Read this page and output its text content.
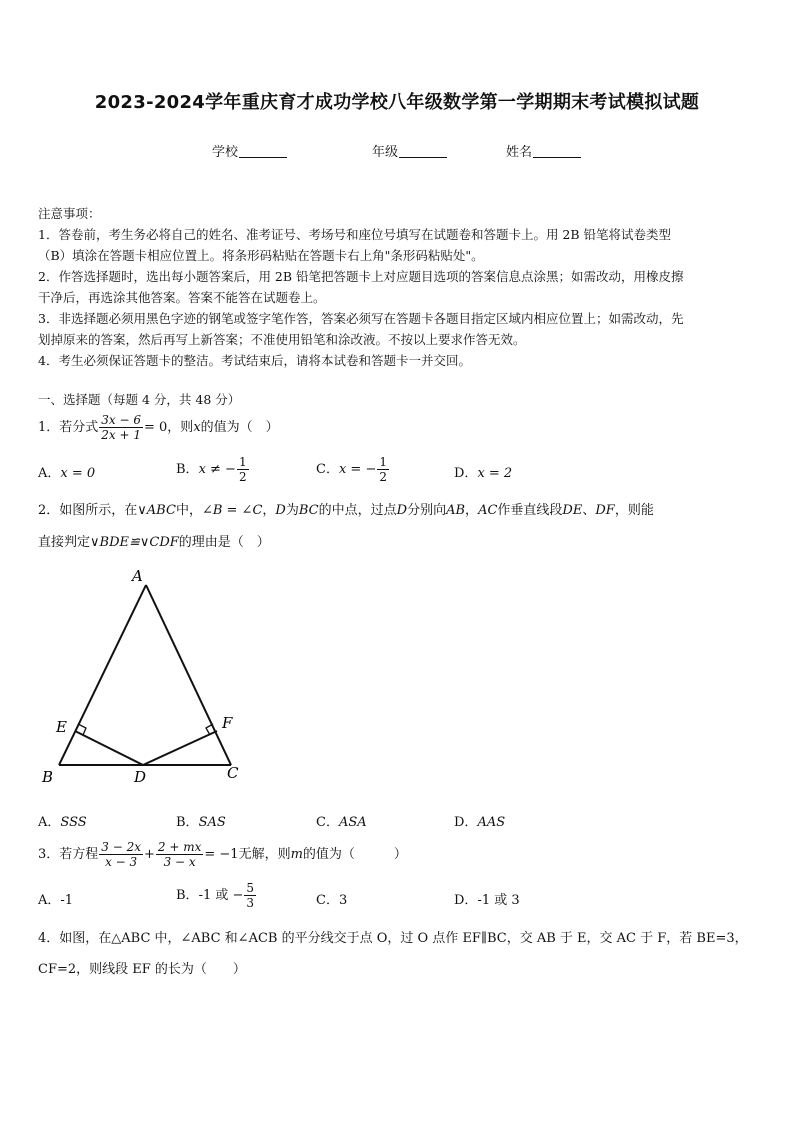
2023-2024学年重庆育才成功学校八年级数学第一学期期末考试模拟试题
学校	年级	姓名
注意事项：
1．答卷前，考生务必将自己的姓名、准考证号、考场号和座位号填写在试题卷和答题卡上。用 2B 铅笔将试卷类型
（B）填涂在答题卡相应位置上。将条形码粘贴在答题卡右上角"条形码粘贴处"。
2．作答选择题时，选出每小题答案后，用 2B 铅笔把答题卡上对应题目选项的答案信息点涂黑；如需改动，用橡皮擦
干净后，再选涂其他答案。答案不能答在试题卷上。
3．非选择题必须用黑色字迹的钢笔或签字笔作答，答案必须写在答题卡各题目指定区域内相应位置上；如需改动，先
划掉原来的答案，然后再写上新答案；不准使用铅笔和涂改液。不按以上要求作答无效。
4．考生必须保证答题卡的整洁。考试结束后，请将本试卷和答题卡一并交回。
一、选择题（每题 4 分，共 48 分）
1．若分式 $\frac{3x - 6}{2x + 1} = 0$，则x的值为（　）
A．x = 0	B．x ≠ − $\frac{1}{2}$	C．x = − $\frac{1}{2}$	D．x = 2
2．如图所示，在∨ABC中，∠B = ∠C，D为BC的中点，过点D分别向AB，AC作垂直线段DE、DF，则能
直接判定∨BDE≌∨CDF的理由是（　）
A
E	F
B	D	C
A．SSS	B．SAS	C．ASA	D．AAS
3．若方程 $\frac{3 - 2x}{x - 3} + \frac{2 + mx}{3 - x} = -1$无解，则m的值为（　　　）
A．-1	B．-1 或 − $\frac{5}{3}$	C．3	D．-1 或 3
4．如图，在△ABC 中，∠ABC 和∠ACB 的平分线交于点 O，过 O 点作 EF∥BC，交 AB 于 E，交 AC 于 F，若 BE=3，
CF=2，则线段 EF 的长为（　　）
